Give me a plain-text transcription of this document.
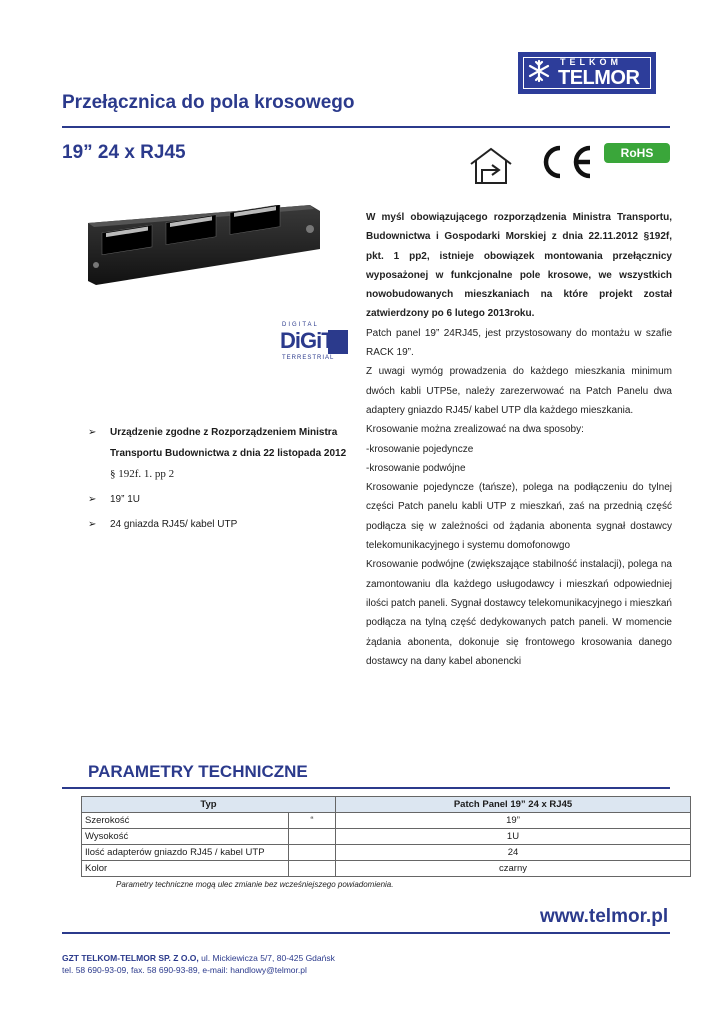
TELKOM
TELMOR
Przełącznica do pola krosowego
19” 24 x RJ45	RoHS
DIGITAL
DiGiT
TERRESTRIAL
➢ Urządzenie zgodne z Rozporządzeniem Ministra Transportu Budownictwa z dnia 22 listopada 2012 § 192f. 1. pp 2
➢ 19” 1U
➢ 24 gniazda RJ45/ kabel UTP

W myśl obowiązującego rozporządzenia Ministra Transportu, Budownictwa i Gospodarki Morskiej z dnia 22.11.2012 §192f, pkt. 1 pp2, istnieje obowiązek montowania przełącznicy wyposażonej w funkcjonalne pole krosowe, we wszystkich nowobudowanych mieszkaniach na które projekt został zatwierdzony po 6 lutego 2013roku.

Patch panel 19” 24RJ45, jest przystosowany do montażu w szafie RACK 19”.

Z uwagi wymóg prowadzenia do każdego mieszkania minimum dwóch kabli UTP5e, należy zarezerwować na Patch Panelu dwa adaptery gniazdo RJ45/ kabel UTP dla każdego mieszkania.

Krosowanie można zrealizować na dwa sposoby:

-krosowanie pojedyncze

-krosowanie podwójne

Krosowanie pojedyncze (tańsze), polega na podłączeniu do tylnej części Patch panelu kabli UTP z mieszkań, zaś na przednią część podłącza się w zależności od żądania abonenta sygnał dostawcy telekomunikacyjnego i systemu domofonowgo

Krosowanie podwójne (zwiększające stabilność instalacji), polega na zamontowaniu dla każdego usługodawcy i mieszkań odpowiedniej ilości patch paneli. Sygnał dostawcy telekomunikacyjnego i mieszkań podłącza na tylną część dedykowanych patch paneli. W momencie żądania abonenta, dokonuje się frontowego krosowania danego dostawcy na dany kabel abonencki

PARAMETRY TECHNICZNE
Typ		Patch Panel 19” 24 x RJ45
Szerokość	“	19”
Wysokość		1U
Ilość adapterów gniazdo RJ45 / kabel UTP		24
Kolor		czarny
Parametry techniczne mogą ulec zmianie bez wcześniejszego powiadomienia.
www.telmor.pl
GZT TELKOM-TELMOR SP. Z O.O, ul. Mickiewicza 5/7, 80-425 Gdańsk
tel. 58 690-93-09, fax. 58 690-93-89, e-mail: handlowy@telmor.pl
